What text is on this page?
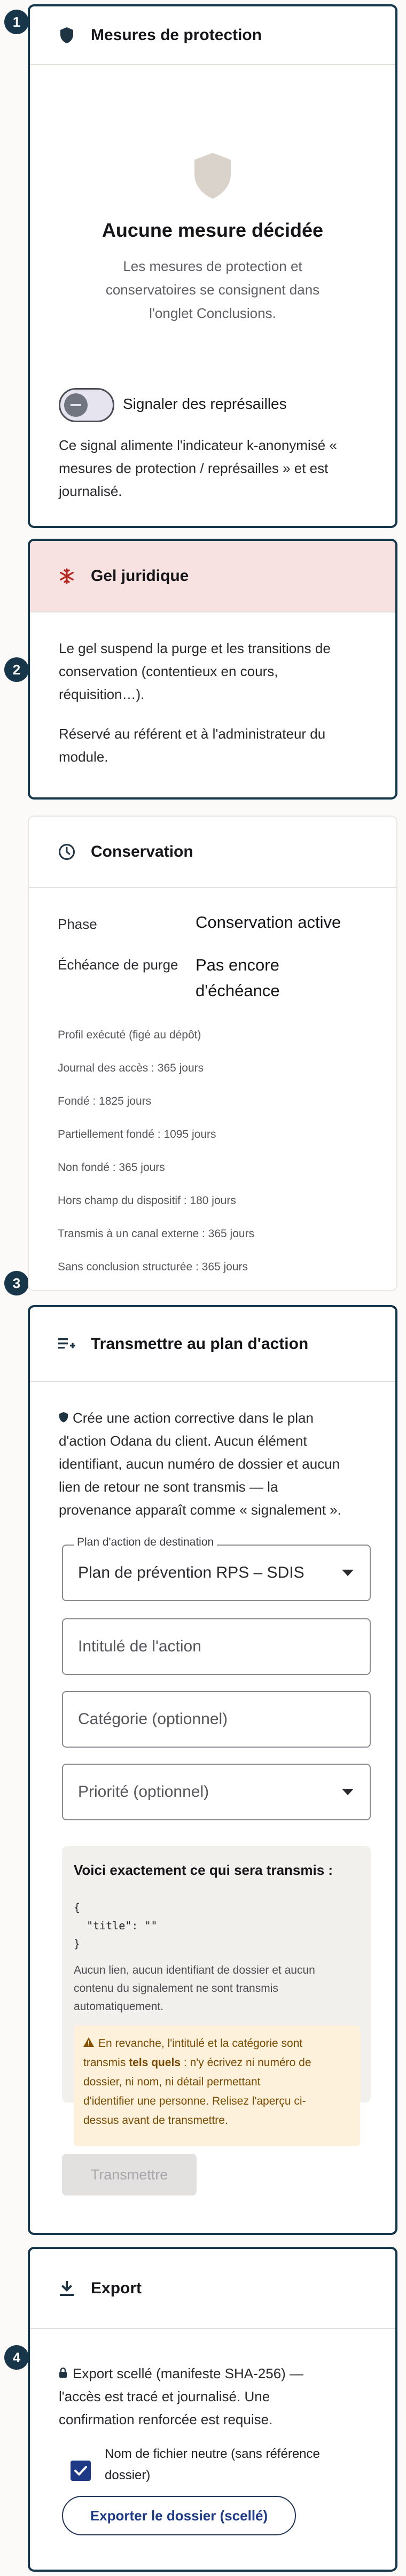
1
2
3
4
Mesures de protection
Aucune mesure décidée
Les mesures de protection et
conservatoires se consignent dans
l'onglet Conclusions.
Signaler des représailles
Ce signal alimente l'indicateur k-anonymisé «
mesures de protection / représailles » et est
journalisé.
Gel juridique
Le gel suspend la purge et les transitions de
conservation (contentieux en cours,
réquisition…).
Réservé au référent et à l'administrateur du
module.
Conservation
Phase	Conservation active
Échéance de purge Pas encore
d'échéance
Profil exécuté (figé au dépôt)
Journal des accès : 365 jours
Fondé : 1825 jours
Partiellement fondé : 1095 jours
Non fondé : 365 jours
Hors champ du dispositif : 180 jours
Transmis à un canal externe : 365 jours
Sans conclusion structurée : 365 jours
Transmettre au plan d'action
Crée une action corrective dans le plan
d'action Odana du client. Aucun élément
identifiant, aucun numéro de dossier et aucun
lien de retour ne sont transmis — la
provenance apparaît comme « signalement ».
Plan de prévention RPS – SDIS
Plan d'action de destination
Intitulé de l'action
Catégorie (optionnel)
Priorité (optionnel)
Voici exactement ce qui sera transmis :
{
"title": ""
}
Aucun lien, aucun identifiant de dossier et aucun
contenu du signalement ne sont transmis
automatiquement.
En revanche, l'intitulé et la catégorie sont
transmis tels quels : n'y écrivez ni numéro de
dossier, ni nom, ni détail permettant
d'identifier une personne. Relisez l'aperçu ci-
dessus avant de transmettre.
Transmettre
Export
Export scellé (manifeste SHA-256) —
l'accès est tracé et journalisé. Une
confirmation renforcée est requise.
Nom de fichier neutre (sans référence
dossier)
Exporter le dossier (scellé)
